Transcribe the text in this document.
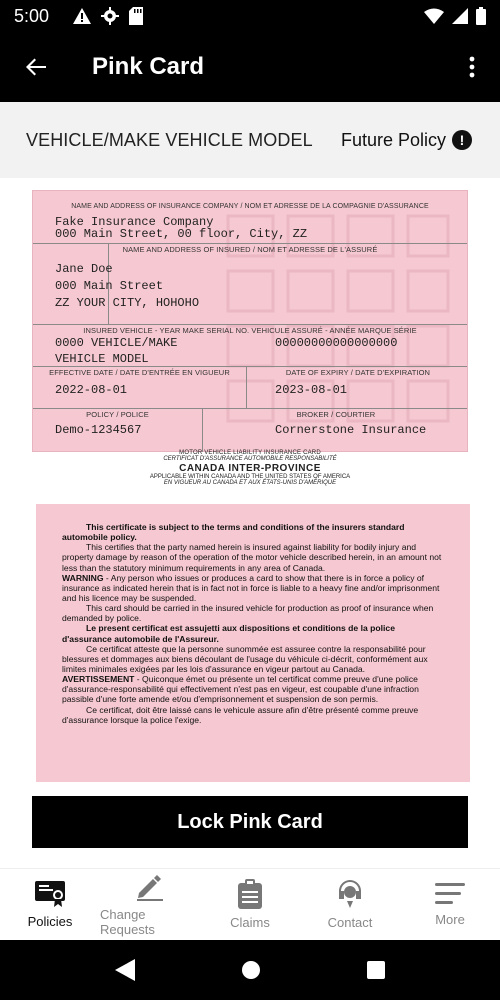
5:00
Pink Card
VEHICLE/MAKE VEHICLE MODEL Future Policy !
NAME AND ADDRESS OF INSURANCE COMPANY / NOM ET ADRESSE DE LA COMPAGNIE D'ASSURANCE
Fake Insurance Company
000 Main Street, 00 floor, City, ZZ
NAME AND ADDRESS OF INSURED / NOM ET ADRESSE DE L'ASSURÉ
Jane Doe
000 Main Street
ZZ YOUR CITY, HOHOHO
INSURED VEHICLE - YEAR MAKE SERIAL NO. VEHICULE ASSURÉ - ANNÉE MARQUE SÉRIE
0000 VEHICLE/MAKE
VEHICLE MODEL
00000000000000000
EFFECTIVE DATE / DATE D'ENTRÉE EN VIGUEUR
2022-08-01
DATE OF EXPIRY / DATE D'EXPIRATION
2023-08-01
POLICY / POLICE
Demo-1234567
BROKER / COURTIER
Cornerstone Insurance
MOTOR VEHICLE LIABILITY INSURANCE CARD
CERTIFICAT D'ASSURANCE AUTOMOBILE RESPONSABILITÉ
CANADA INTER-PROVINCE
APPLICABLE WITHIN CANADA AND THE UNITED STATES OF AMERICA
EN VIGUEUR AU CANADA ET AUX ÉTATS-UNIS D'AMÉRIQUE

This certificate is subject to the terms and conditions of the insurers standard automobile policy.

This certifies that the party named herein is insured against liability for bodily injury and property damage by reason of the operation of the motor vehicle described herein, in an amount not less than the statutory minimum requirements in any area of Canada.

WARNING - Any person who issues or produces a card to show that there is in force a policy of insurance as indicated herein that is in fact not in force is liable to a heavy fine and/or imprisonment and his licence may be suspended.

This card should be carried in the insured vehicle for production as proof of insurance when demanded by police.

Le present certificat est assujetti aux dispositions et conditions de la police d'assurance automobile de l'Assureur.

Ce certificat atteste que la personne sunommée est assuree contre la responsabilité pour blessures et dommages aux biens découlant de l'usage du véhicule ci-décrit, conformément aux limites minimales exigées par les lois d'assurance en vigeur partout au Canada.

AVERTISSEMENT - Quiconque émet ou présente un tel certificat comme preuve d'une police d'assurance-responsabilité qui effectivement n'est pas en vigeur, est coupable d'une infraction passible d'une forte amende et/ou d'emprisonnement et suspension de son permis.

Ce certificat, doit être laissé cans le vehicule assure afin d'être présenté comme preuve d'assurance lorsque la police l'exige.

Lock Pink Card
Policies Change Requests	Claims	Contact	More
